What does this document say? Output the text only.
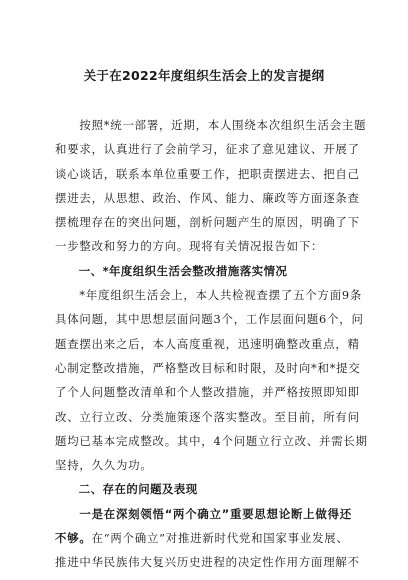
关于在2022年度组织生活会上的发言提纲
　　按照*统一部署，近期，本人围绕本次组织生活会主题
和要求，认真进行了会前学习，征求了意见建议、开展了
谈心谈话，联系本单位重要工作，把职责摆进去、把自己
摆进去，从思想、政治、作风、能力、廉政等方面逐条查
摆梳理存在的突出问题，剖析问题产生的原因，明确了下
一步整改和努力的方向。现将有关情况报告如下：
　　一、*年度组织生活会整改措施落实情况
　　*年度组织生活会上，本人共检视查摆了五个方面9条
具体问题，其中思想层面问题3个，工作层面问题6个，问
题查摆出来之后，本人高度重视，迅速明确整改重点，精
心制定整改措施，严格整改目标和时限，及时向*和*提交
了个人问题整改清单和个人整改措施，并严格按照即知即
改、立行立改、分类施策逐个落实整改。至目前，所有问
题均已基本完成整改。其中，4个问题立行立改、并需长期
坚持，久久为功。
　　二、存在的问题及表现
　　一是在深刻领悟“两个确立”重要思想论断上做得还
不够。在“两个确立”对推进新时代党和国家事业发展、
推进中华民族伟大复兴历史进程的决定性作用方面理解不
